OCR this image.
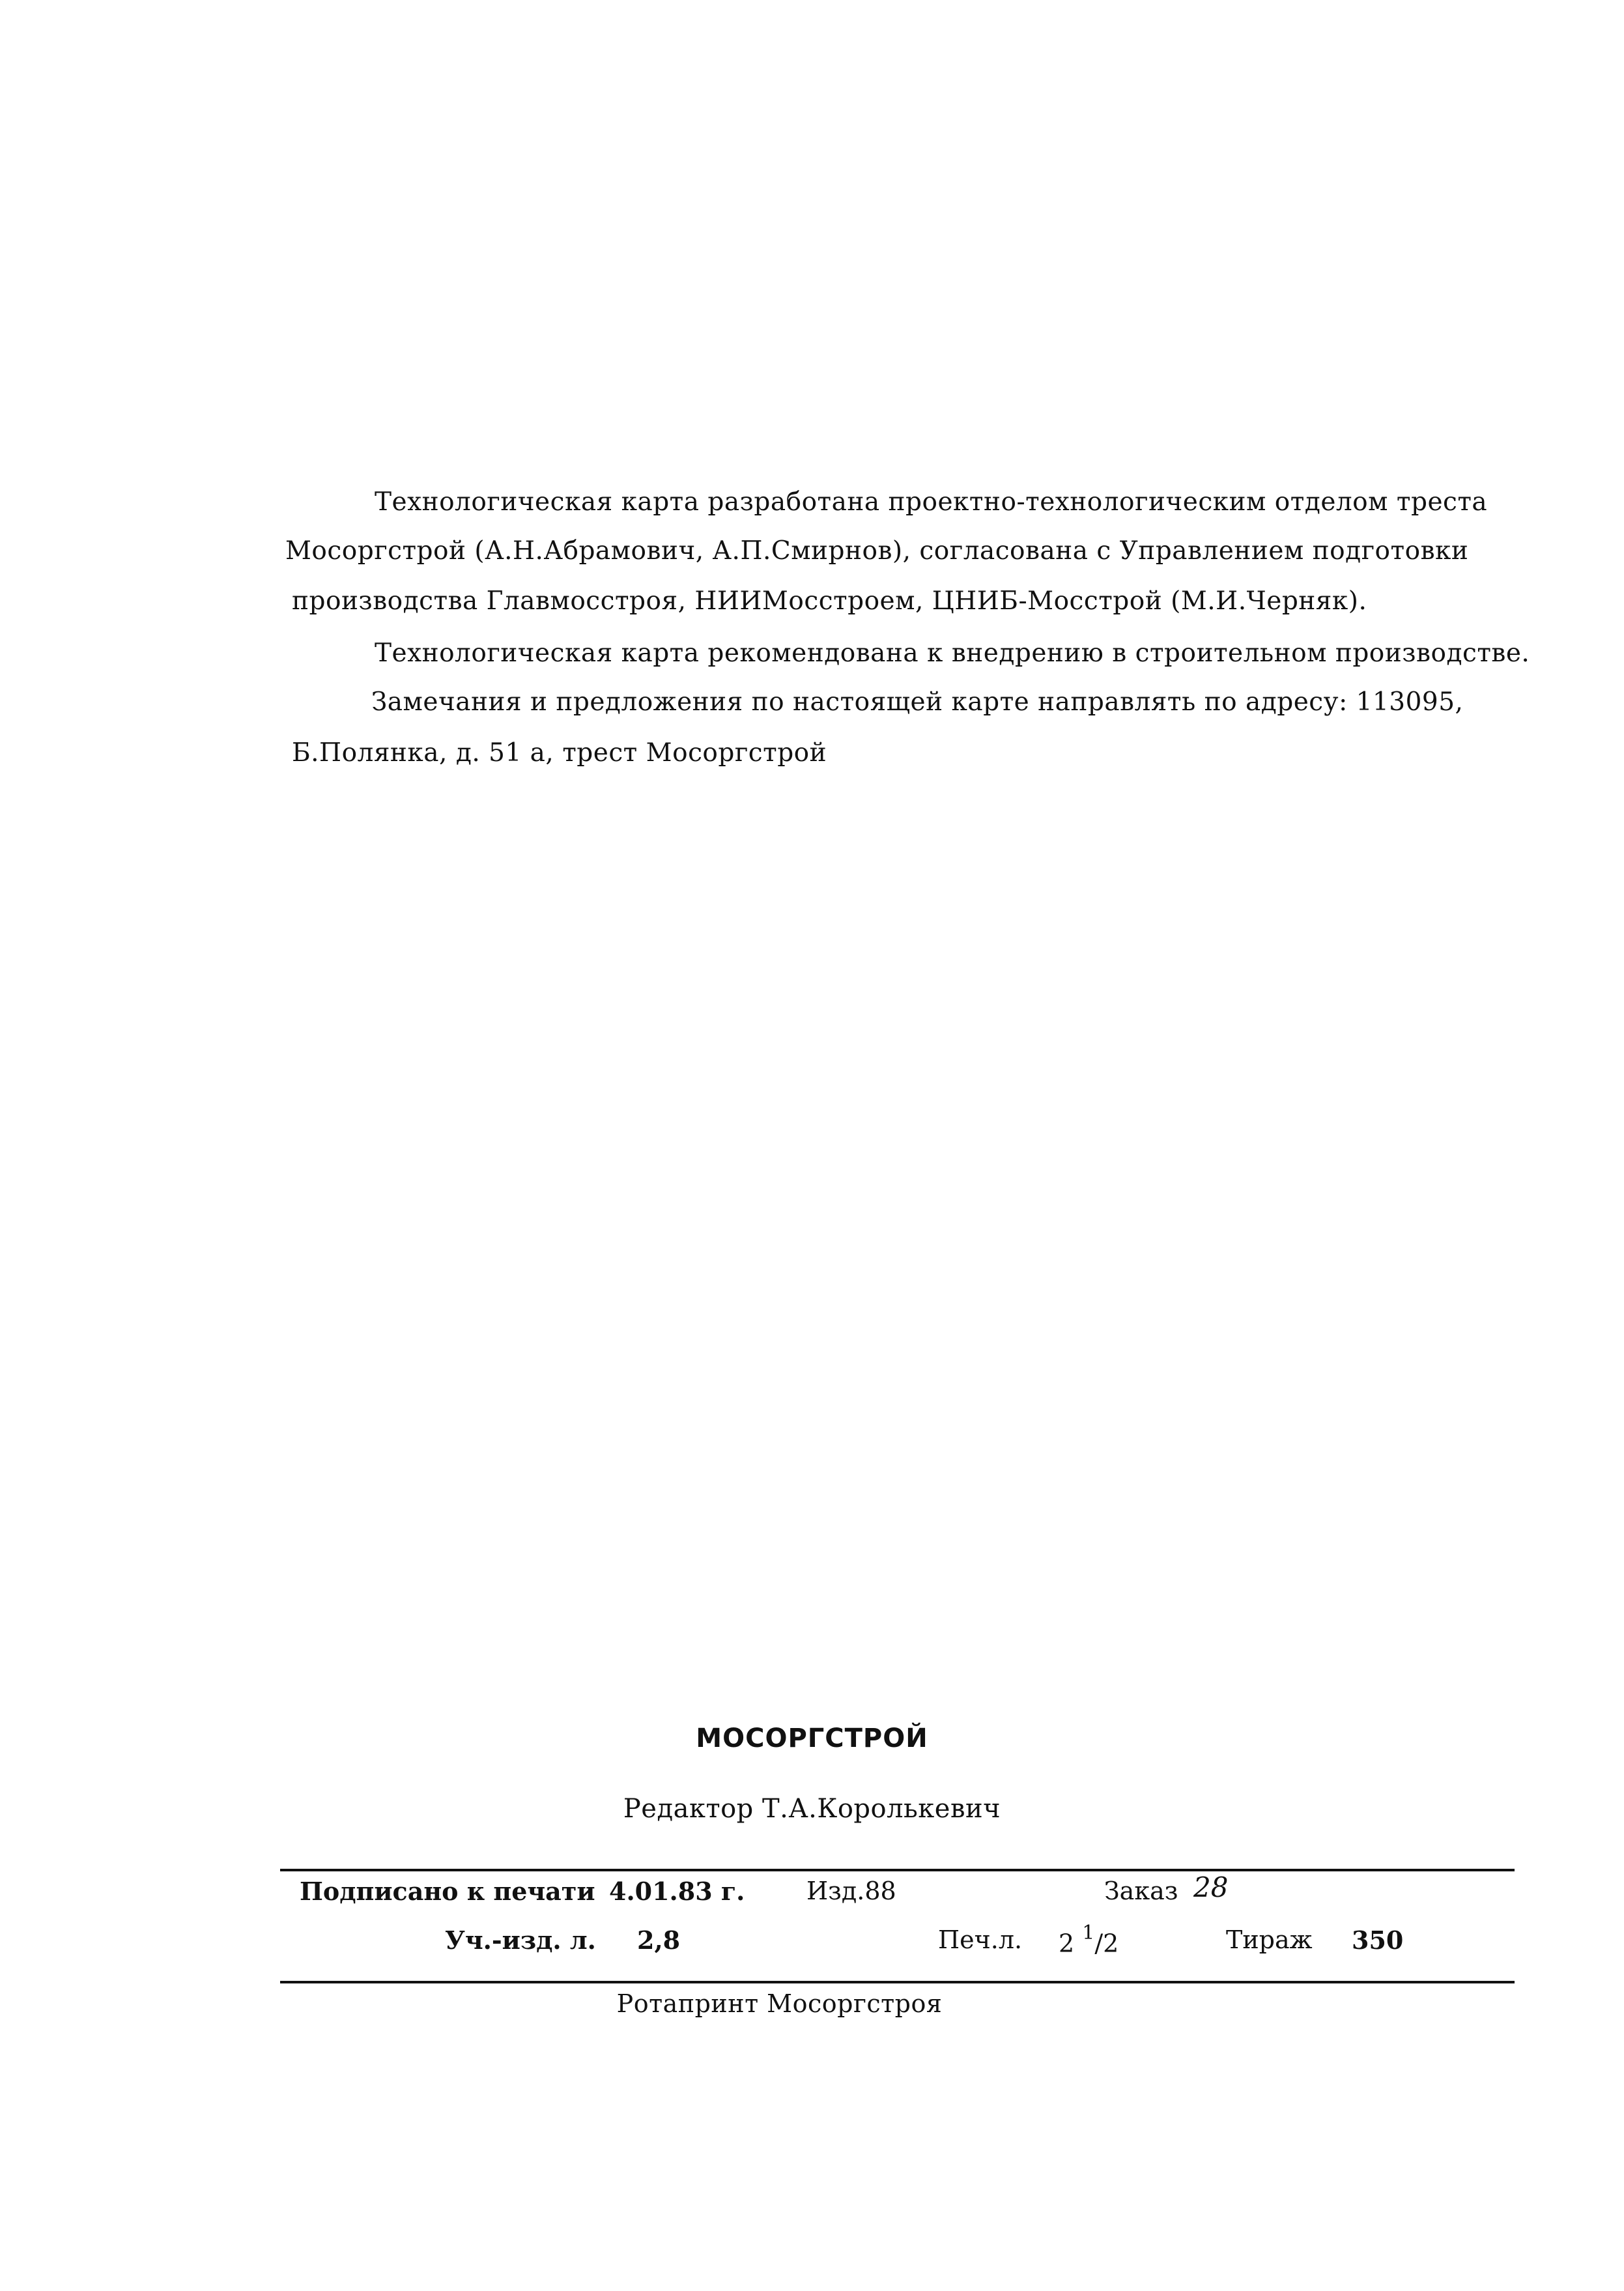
Технологическая карта разработана проектно-технологическим отделом треста
Мосоргстрой (А.Н.Абрамович, А.П.Смирнов), согласована с Управлением подготовки
производства Главмосстроя, НИИМосстроем, ЦНИБ-Мосстрой (М.И.Черняк).
Технологическая карта рекомендована к внедрению в строительном производстве.
Замечания и предложения по настоящей карте направлять по адресу: 113095,
Б.Полянка, д. 51 а, трест Мосоргстрой
МОСОРГСТРОЙ
Редактор Т.А.Королькевич
Подписано к печати 4.01.83 г. Изд.88	Заказ 28
Уч.-изд. л. 2,8	Печ.л. 2 $^1$/2	Тираж 350
Ротапринт Мосоргстроя
